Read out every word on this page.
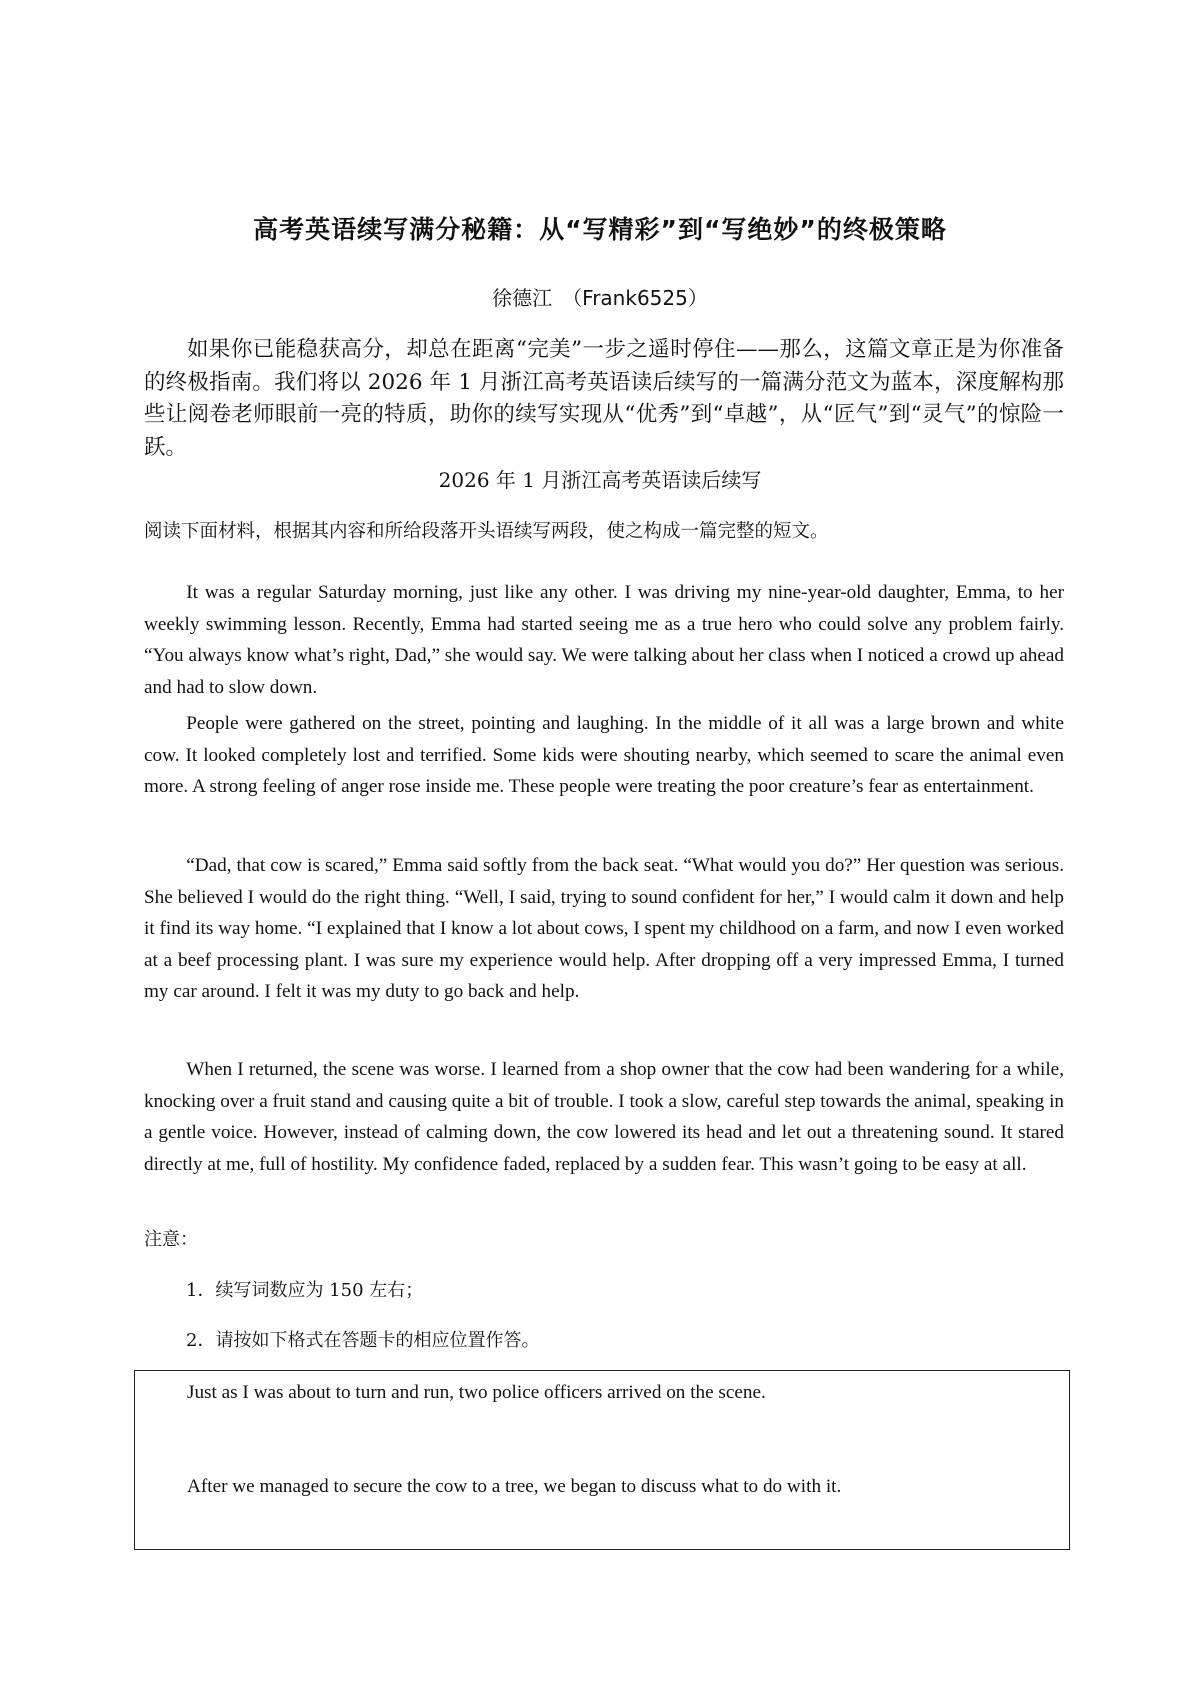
高考英语续写满分秘籍：从“写精彩”到“写绝妙”的终极策略
徐德江　（Frank6525）

如果你已能稳获高分，却总在距离“完美”一步之遥时停住——那么，这篇文章正是为你准备的终极指南。我们将以 2026 年 1 月浙江高考英语读后续写的一篇满分范文为蓝本，深度解构那些让阅卷老师眼前一亮的特质，助你的续写实现从“优秀”到“卓越”，从“匠气”到“灵气”的惊险一跃。

2026 年 1 月浙江高考英语读后续写

阅读下面材料，根据其内容和所给段落开头语续写两段，使之构成一篇完整的短文。

It was a regular Saturday morning, just like any other. I was driving my nine-year-old daughter, Emma, to her weekly swimming lesson. Recently, Emma had started seeing me as a true hero who could solve any problem fairly. “You always know what’s right, Dad,” she would say. We were talking about her class when I noticed a crowd up ahead and had to slow down.

People were gathered on the street, pointing and laughing. In the middle of it all was a large brown and white cow. It looked completely lost and terrified. Some kids were shouting nearby, which seemed to scare the animal even more. A strong feeling of anger rose inside me. These people were treating the poor creature’s fear as entertainment.

“Dad, that cow is scared,” Emma said softly from the back seat. “What would you do?” Her question was serious. She believed I would do the right thing. “Well, I said, trying to sound confident for her,” I would calm it down and help it find its way home. “I explained that I know a lot about cows, I spent my childhood on a farm, and now I even worked at a beef processing plant. I was sure my experience would help. After dropping off a very impressed Emma, I turned my car around. I felt it was my duty to go back and help.

When I returned, the scene was worse. I learned from a shop owner that the cow had been wandering for a while, knocking over a fruit stand and causing quite a bit of trouble. I took a slow, careful step towards the animal, speaking in a gentle voice. However, instead of calming down, the cow lowered its head and let out a threatening sound. It stared directly at me, full of hostility. My confidence faded, replaced by a sudden fear. This wasn’t going to be easy at all.

注意：

1．续写词数应为 150 左右；

2．请按如下格式在答题卡的相应位置作答。

Just as I was about to turn and run, two police officers arrived on the scene.

After we managed to secure the cow to a tree, we began to discuss what to do with it.
